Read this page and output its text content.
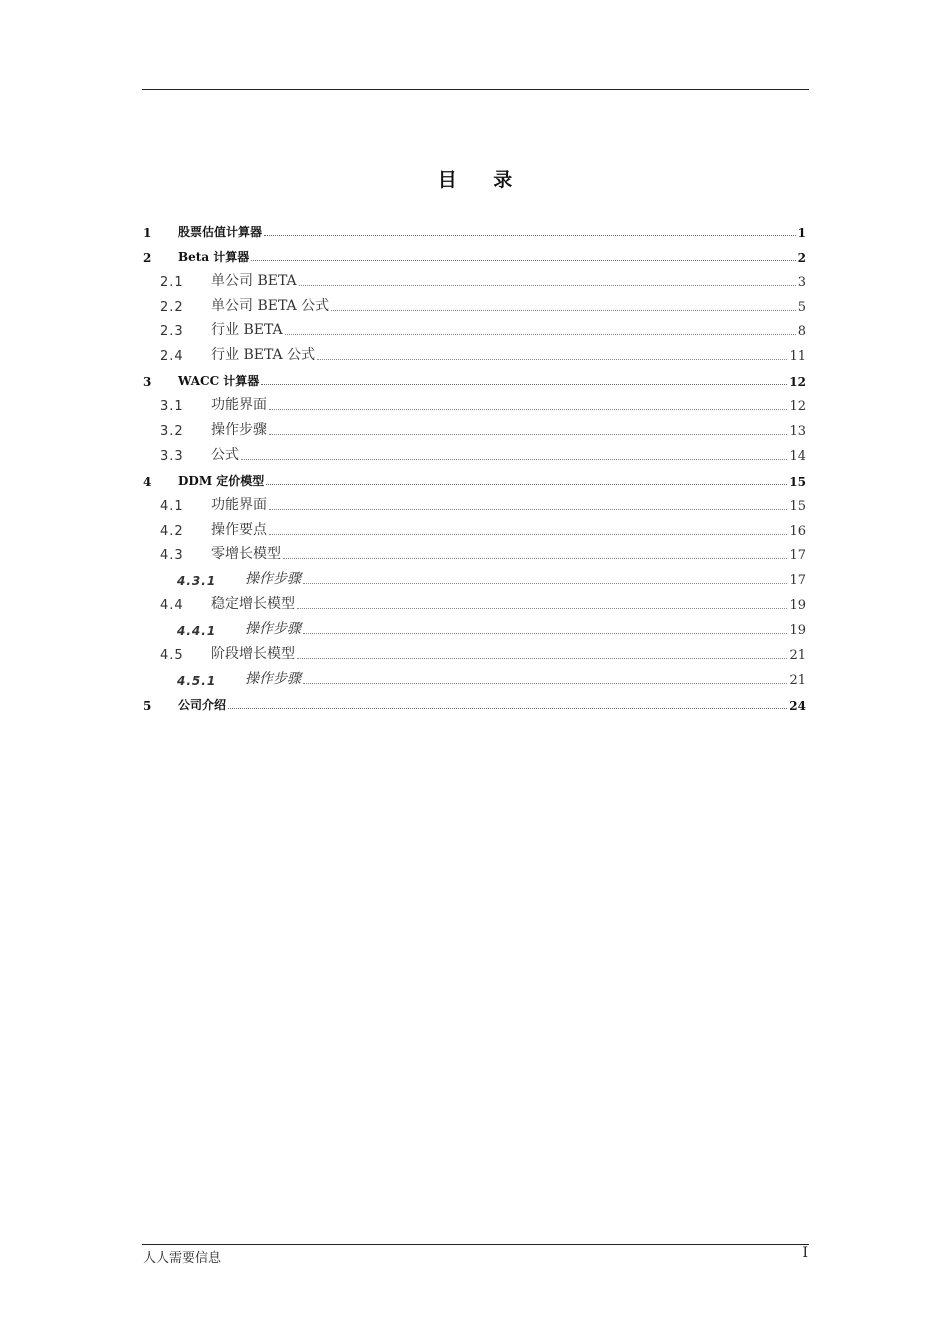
目 录
1	股票估值计算器	1
2	Beta 计算器	2
2.1	单公司 BETA	3
2.2	单公司 BETA 公式	5
2.3	行业 BETA	8
2.4	行业 BETA 公式	11
3	WACC 计算器	12
3.1	功能界面	12
3.2	操作步骤	13
3.3	公式	14
4	DDM 定价模型	15
4.1	功能界面	15
4.2	操作要点	16
4.3	零增长模型	17
4.3.1	操作步骤	17
4.4	稳定增长模型	19
4.4.1	操作步骤	19
4.5	阶段增长模型	21
4.5.1	操作步骤	21
5	公司介绍	24
人人需要信息	I
